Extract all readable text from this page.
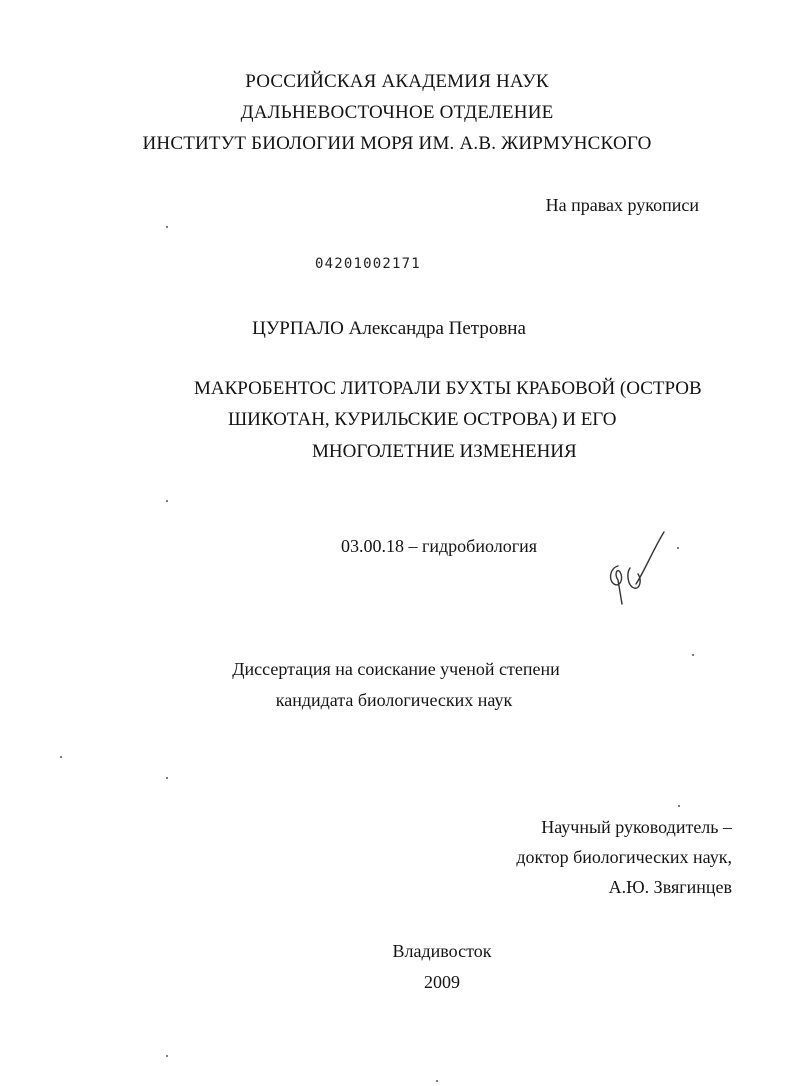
РОССИЙСКАЯ АКАДЕМИЯ НАУК
ДАЛЬНЕВОСТОЧНОЕ ОТДЕЛЕНИЕ
ИНСТИТУТ БИОЛОГИИ МОРЯ ИМ. А.В. ЖИРМУНСКОГО
На правах рукописи
04201002171
ЦУРПАЛО Александра Петровна
МАКРОБЕНТОС ЛИТОРАЛИ БУХТЫ КРАБОВОЙ (ОСТРОВ
ШИКОТАН, КУРИЛЬСКИЕ ОСТРОВА) И ЕГО
МНОГОЛЕТНИЕ ИЗМЕНЕНИЯ
03.00.18 – гидробиология
Диссертация на соискание ученой степени
кандидата биологических наук
Научный руководитель –
доктор биологических наук,
А.Ю. Звягинцев
Владивосток
2009
